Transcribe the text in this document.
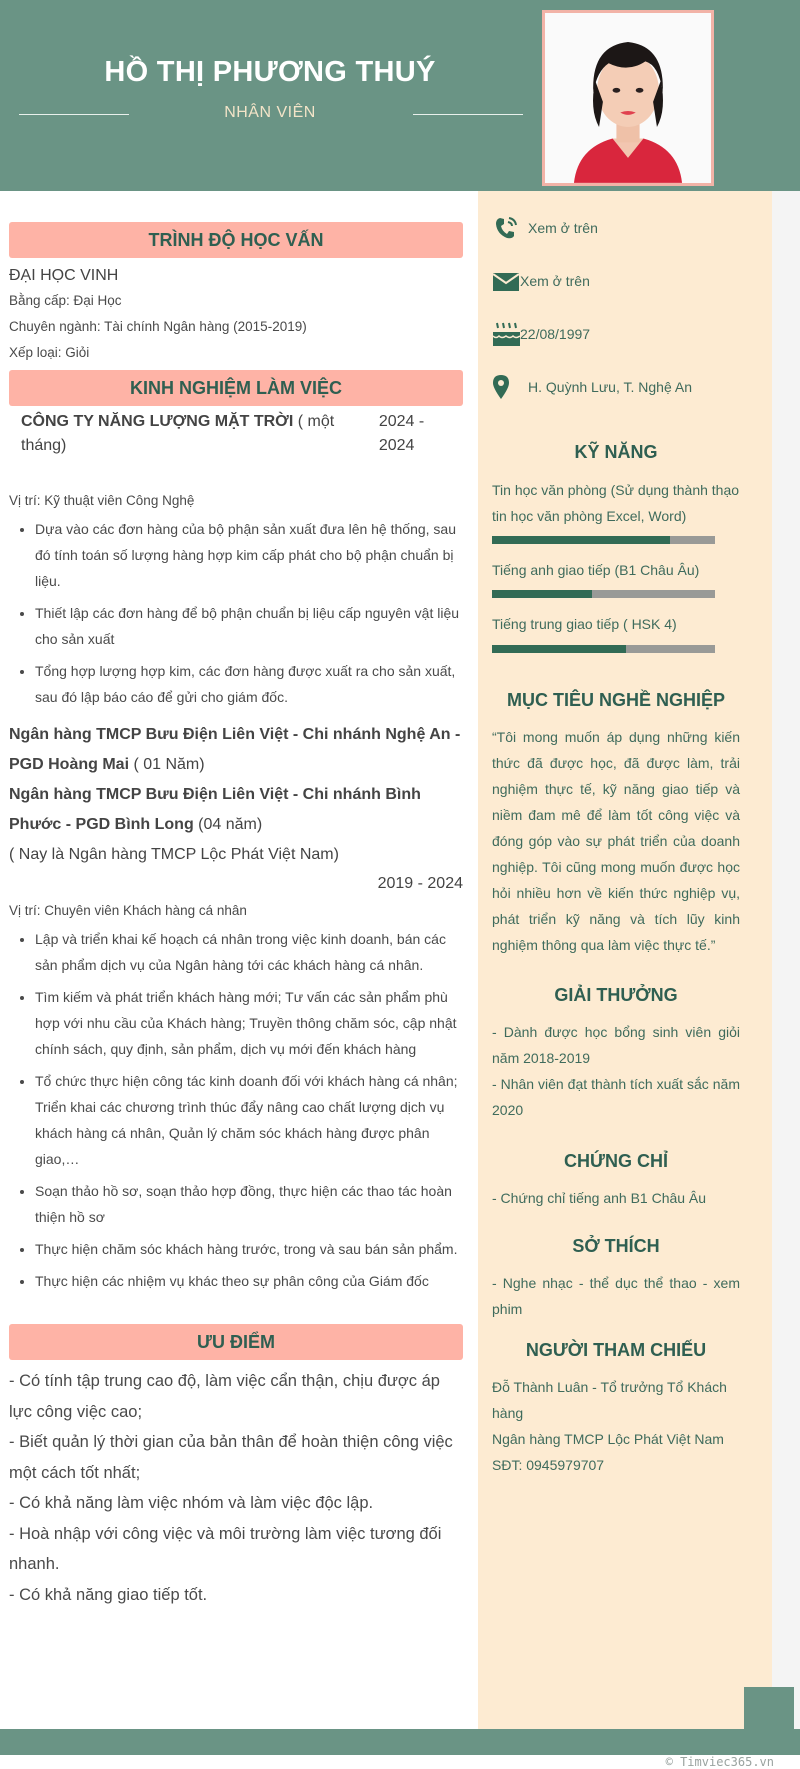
HỒ THỊ PHƯƠNG THUÝ
NHÂN VIÊN
Xem ở trên
Xem ở trên
22/08/1997
H. Quỳnh Lưu, T. Nghệ An
KỸ NĂNG
Tin học văn phòng (Sử dụng thành thạo tin học văn phòng Excel, Word)
Tiếng anh giao tiếp (B1 Châu Âu)
Tiếng trung giao tiếp ( HSK 4)
MỤC TIÊU NGHỀ NGHIỆP
“Tôi mong muốn áp dụng những kiến thức đã được học, đã được làm, trải nghiệm thực tế, kỹ năng giao tiếp và niềm đam mê để làm tốt công việc và đóng góp vào sự phát triển của doanh nghiệp. Tôi cũng mong muốn được học hỏi nhiều hơn về kiến thức nghiệp vụ, phát triển kỹ năng và tích lũy kinh nghiệm thông qua làm việc thực tế.”
GIẢI THƯỞNG
- Dành được học bổng sinh viên giỏi năm 2018-2019
- Nhân viên đạt thành tích xuất sắc năm 2020
CHỨNG CHỈ
- Chứng chỉ tiếng anh B1 Châu Âu
SỞ THÍCH
- Nghe nhạc - thể dục thể thao - xem phim
NGƯỜI THAM CHIẾU
Đỗ Thành Luân - Tổ trưởng Tổ Khách hàng
Ngân hàng TMCP Lộc Phát Việt Nam
SĐT: 0945979707
TRÌNH ĐỘ HỌC VẤN
ĐẠI HỌC VINH
Bằng cấp: Đại Học
Chuyên ngành: Tài chính Ngân hàng (2015-2019)
Xếp loại: Giỏi
KINH NGHIỆM LÀM VIỆC
CÔNG TY NĂNG LƯỢNG MẶT TRỜI ( một tháng)
2024 - 2024
Vị trí: Kỹ thuật viên Công Nghệ
• Dựa vào các đơn hàng của bộ phận sản xuất đưa lên hệ thống, sau đó tính toán số lượng hàng hợp kim cấp phát cho bộ phận chuẩn bị liệu.
• Thiết lập các đơn hàng để bộ phận chuẩn bị liệu cấp nguyên vật liệu cho sản xuất
• Tổng hợp lượng hợp kim, các đơn hàng được xuất ra cho sản xuất, sau đó lập báo cáo để gửi cho giám đốc.
Ngân hàng TMCP Bưu Điện Liên Việt - Chi nhánh Nghệ An - PGD Hoàng Mai ( 01 Năm)
Ngân hàng TMCP Bưu Điện Liên Việt - Chi nhánh Bình Phước - PGD Bình Long (04 năm)
( Nay là Ngân hàng TMCP Lộc Phát Việt Nam)
2019 - 2024
Vị trí: Chuyên viên Khách hàng cá nhân
• Lập và triển khai kế hoạch cá nhân trong việc kinh doanh, bán các sản phẩm dịch vụ của Ngân hàng tới các khách hàng cá nhân.
• Tìm kiếm và phát triển khách hàng mới; Tư vấn các sản phẩm phù hợp với nhu cầu của Khách hàng; Truyền thông chăm sóc, cập nhật chính sách, quy định, sản phẩm, dịch vụ mới đến khách hàng
• Tổ chức thực hiện công tác kinh doanh đối với khách hàng cá nhân; Triển khai các chương trình thúc đẩy nâng cao chất lượng dịch vụ khách hàng cá nhân, Quản lý chăm sóc khách hàng được phân giao,…
• Soạn thảo hồ sơ, soạn thảo hợp đồng, thực hiện các thao tác hoàn thiện hồ sơ
• Thực hiện chăm sóc khách hàng trước, trong và sau bán sản phẩm.
• Thực hiện các nhiệm vụ khác theo sự phân công của Giám đốc
ƯU ĐIỂM
- Có tính tập trung cao độ, làm việc cẩn thận, chịu được áp lực công việc cao;
- Biết quản lý thời gian của bản thân để hoàn thiện công việc một cách tốt nhất;
- Có khả năng làm việc nhóm và làm việc độc lập.
- Hoà nhập với công việc và môi trường làm việc tương đối nhanh.
- Có khả năng giao tiếp tốt.
© Timviec365.vn
